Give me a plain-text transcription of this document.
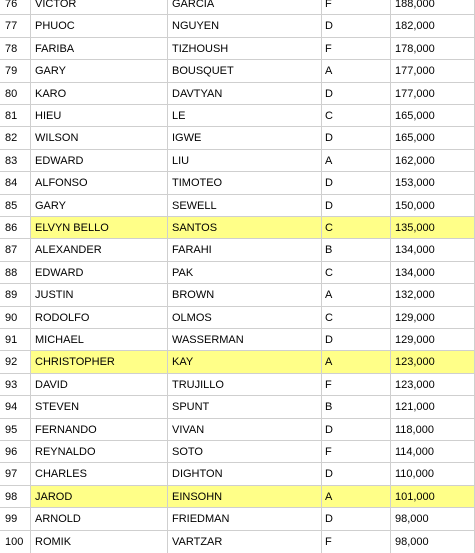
76	VICTOR	GARCIA	F	188,000
77	PHUOC	NGUYEN	D	182,000
78	FARIBA	TIZHOUSH	F	178,000
79	GARY	BOUSQUET	A	177,000
80	KARO	DAVTYAN	D	177,000
81	HIEU	LE	C	165,000
82	WILSON	IGWE	D	165,000
83	EDWARD	LIU	A	162,000
84	ALFONSO	TIMOTEO	D	153,000
85	GARY	SEWELL	D	150,000
86	ELVYN BELLO	SANTOS	C	135,000
87	ALEXANDER	FARAHI	B	134,000
88	EDWARD	PAK	C	134,000
89	JUSTIN	BROWN	A	132,000
90	RODOLFO	OLMOS	C	129,000
91	MICHAEL	WASSERMAN	D	129,000
92	CHRISTOPHER	KAY	A	123,000
93	DAVID	TRUJILLO	F	123,000
94	STEVEN	SPUNT	B	121,000
95	FERNANDO	VIVAN	D	118,000
96	REYNALDO	SOTO	F	114,000
97	CHARLES	DIGHTON	D	110,000
98	JAROD	EINSOHN	A	101,000
99	ARNOLD	FRIEDMAN	D	98,000
100	ROMIK	VARTZAR	F	98,000
